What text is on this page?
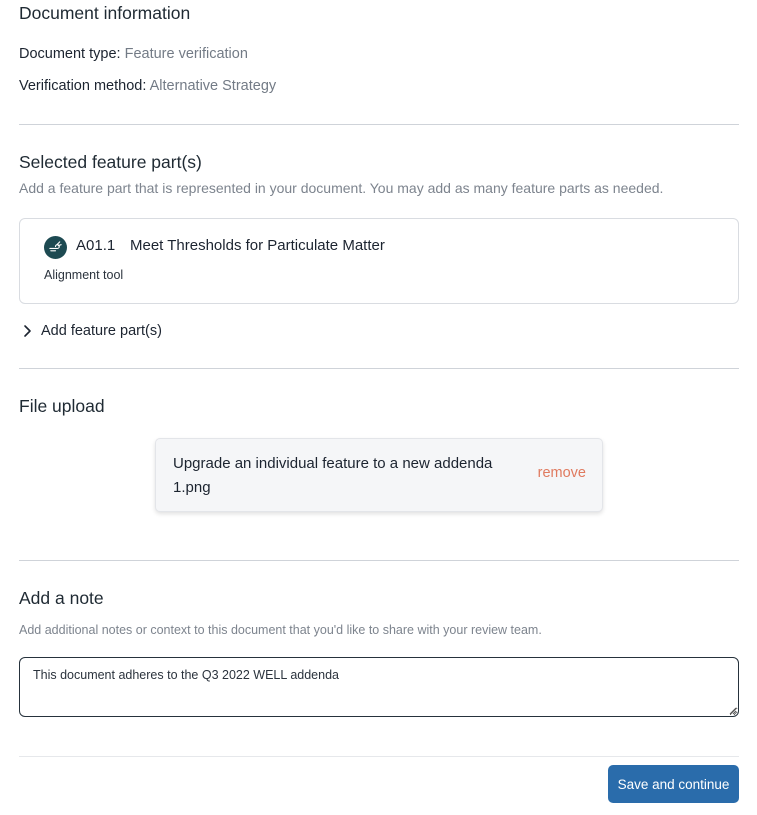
Document information
Document type: Feature verification
Verification method: Alternative Strategy
Selected feature part(s)
Add a feature part that is represented in your document. You may add as many feature parts as needed.
A01.1 Meet Thresholds for Particulate Matter
Alignment tool
Add feature part(s)
File upload
Upgrade an individual feature to a new addenda 1.png
remove
Add a note
Add additional notes or context to this document that you'd like to share with your review team.
This document adheres to the Q3 2022 WELL addenda
Save and continue
